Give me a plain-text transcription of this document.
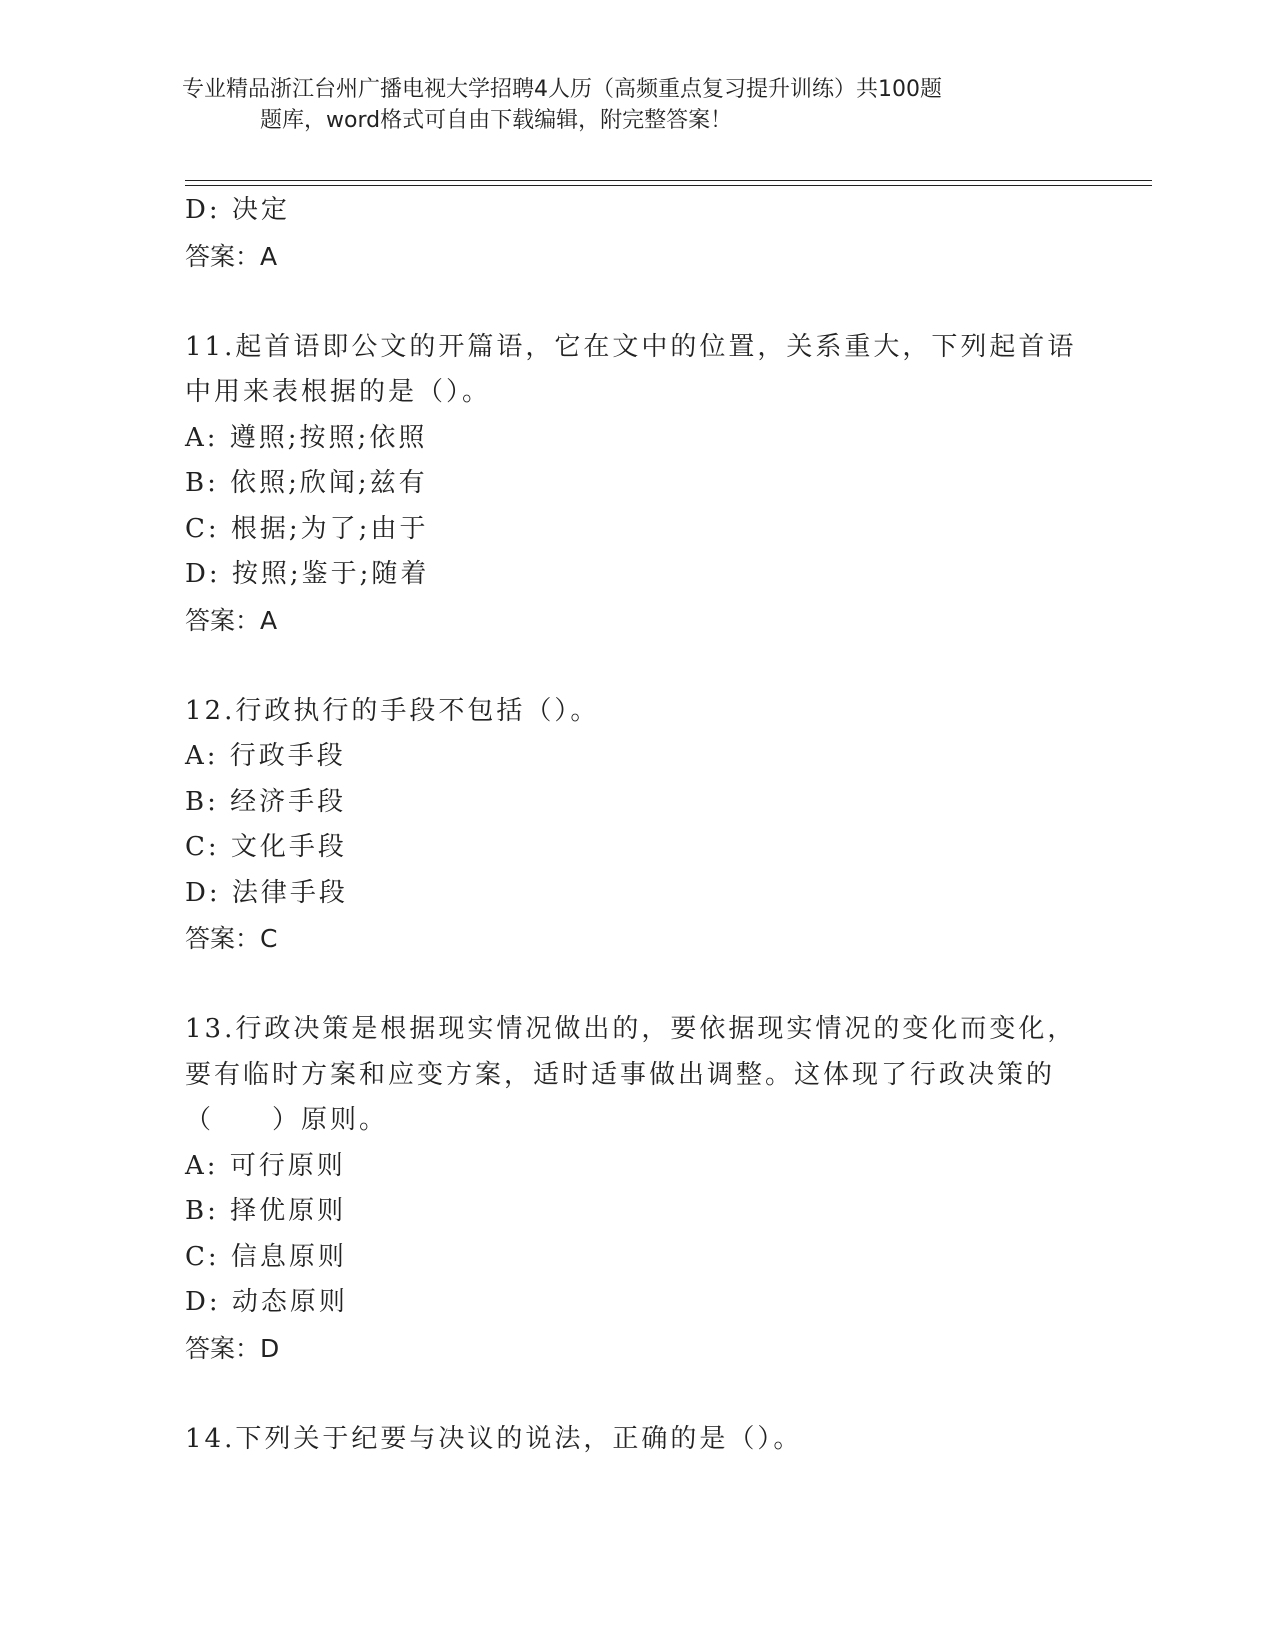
专业精品浙江台州广播电视大学招聘4人历（高频重点复习提升训练）共100题
题库，word格式可自由下载编辑，附完整答案！
D: 决定
答案：A
11.起首语即公文的开篇语，它在文中的位置，关系重大，下列起首语
中用来表根据的是（）。
A: 遵照;按照;依照
B: 依照;欣闻;兹有
C: 根据;为了;由于
D: 按照;鉴于;随着
答案：A
12.行政执行的手段不包括（）。
A: 行政手段
B: 经济手段
C: 文化手段
D: 法律手段
答案：C
13.行政决策是根据现实情况做出的，要依据现实情况的变化而变化，
要有临时方案和应变方案，适时适事做出调整。这体现了行政决策的
（　　）原则。
A: 可行原则
B: 择优原则
C: 信息原则
D: 动态原则
答案：D
14.下列关于纪要与决议的说法，正确的是（）。
